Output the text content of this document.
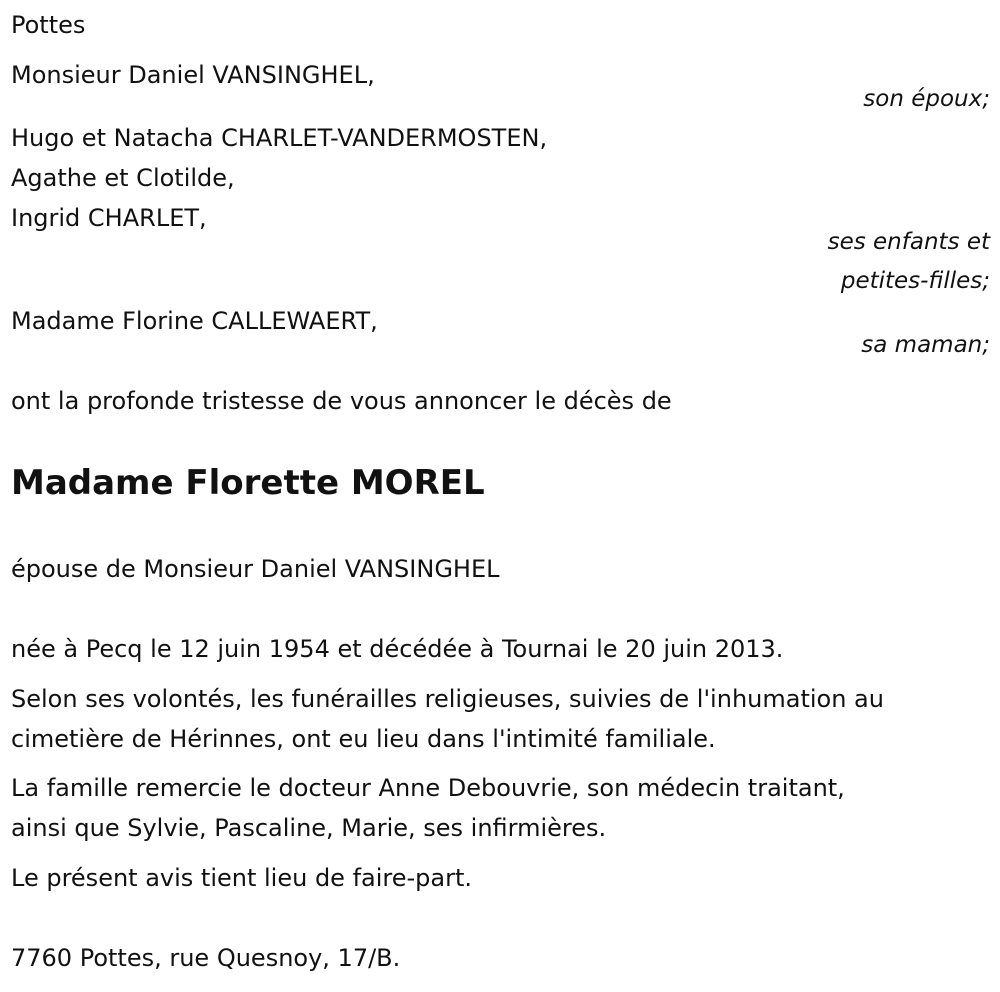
Pottes
Monsieur Daniel VANSINGHEL,
son époux;
Hugo et Natacha CHARLET-VANDERMOSTEN,
Agathe et Clotilde,
Ingrid CHARLET,
ses enfants et
petites-filles;
Madame Florine CALLEWAERT,
sa maman;
ont la profonde tristesse de vous annoncer le décès de
Madame Florette MOREL
épouse de Monsieur Daniel VANSINGHEL
née à Pecq le 12 juin 1954 et décédée à Tournai le 20 juin 2013.
Selon ses volontés, les funérailles religieuses, suivies de l'inhumation au
cimetière de Hérinnes, ont eu lieu dans l'intimité familiale.
La famille remercie le docteur Anne Debouvrie, son médecin traitant,
ainsi que Sylvie, Pascaline, Marie, ses infirmières.
Le présent avis tient lieu de faire-part.
7760 Pottes, rue Quesnoy, 17/B.
